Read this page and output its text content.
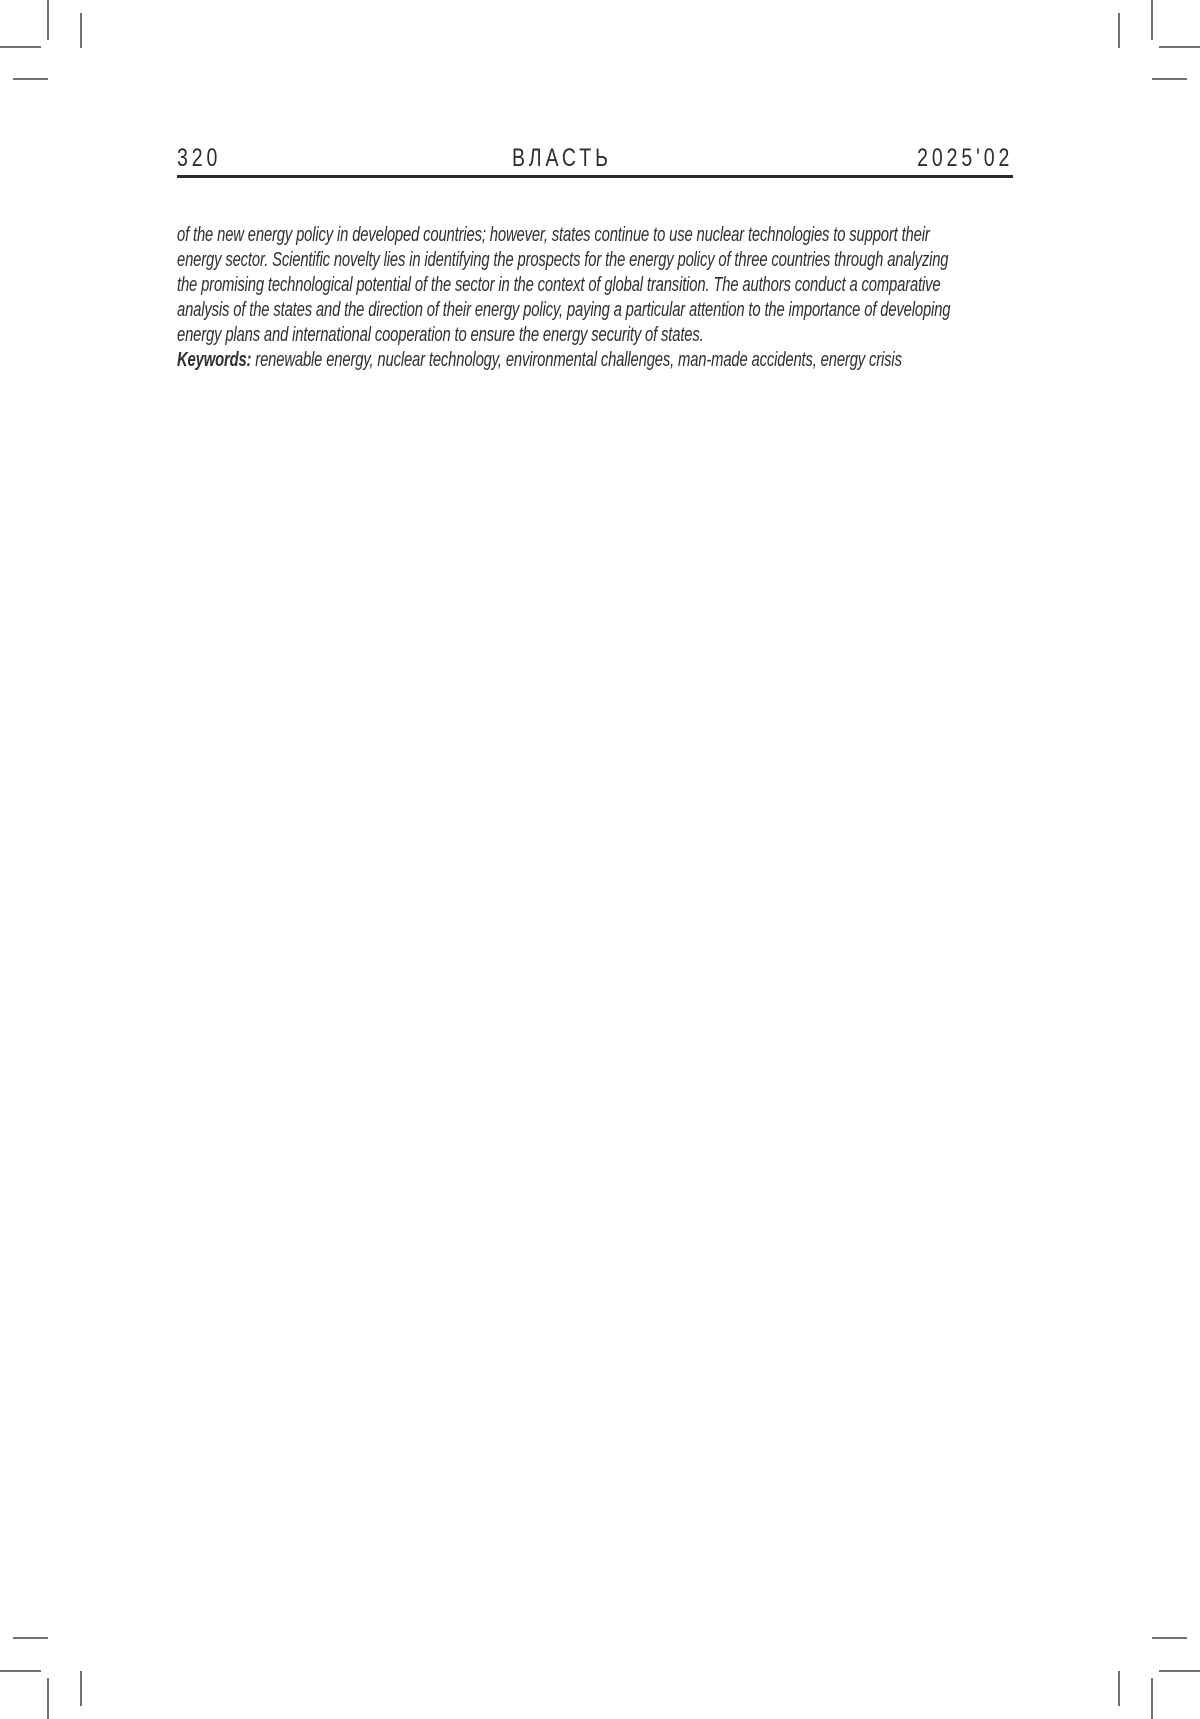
320	ВЛАСТЬ	2025'02
of the new energy policy in developed countries; however, states continue to use nuclear technologies to support their
energy sector. Scientific novelty lies in identifying the prospects for the energy policy of three countries through analyzing
the promising technological potential of the sector in the context of global transition. The authors conduct a comparative
analysis of the states and the direction of their energy policy, paying a particular attention to the importance of developing
energy plans and international cooperation to ensure the energy security of states.
Keywords: renewable energy, nuclear technology, environmental challenges, man-made accidents, energy crisis
